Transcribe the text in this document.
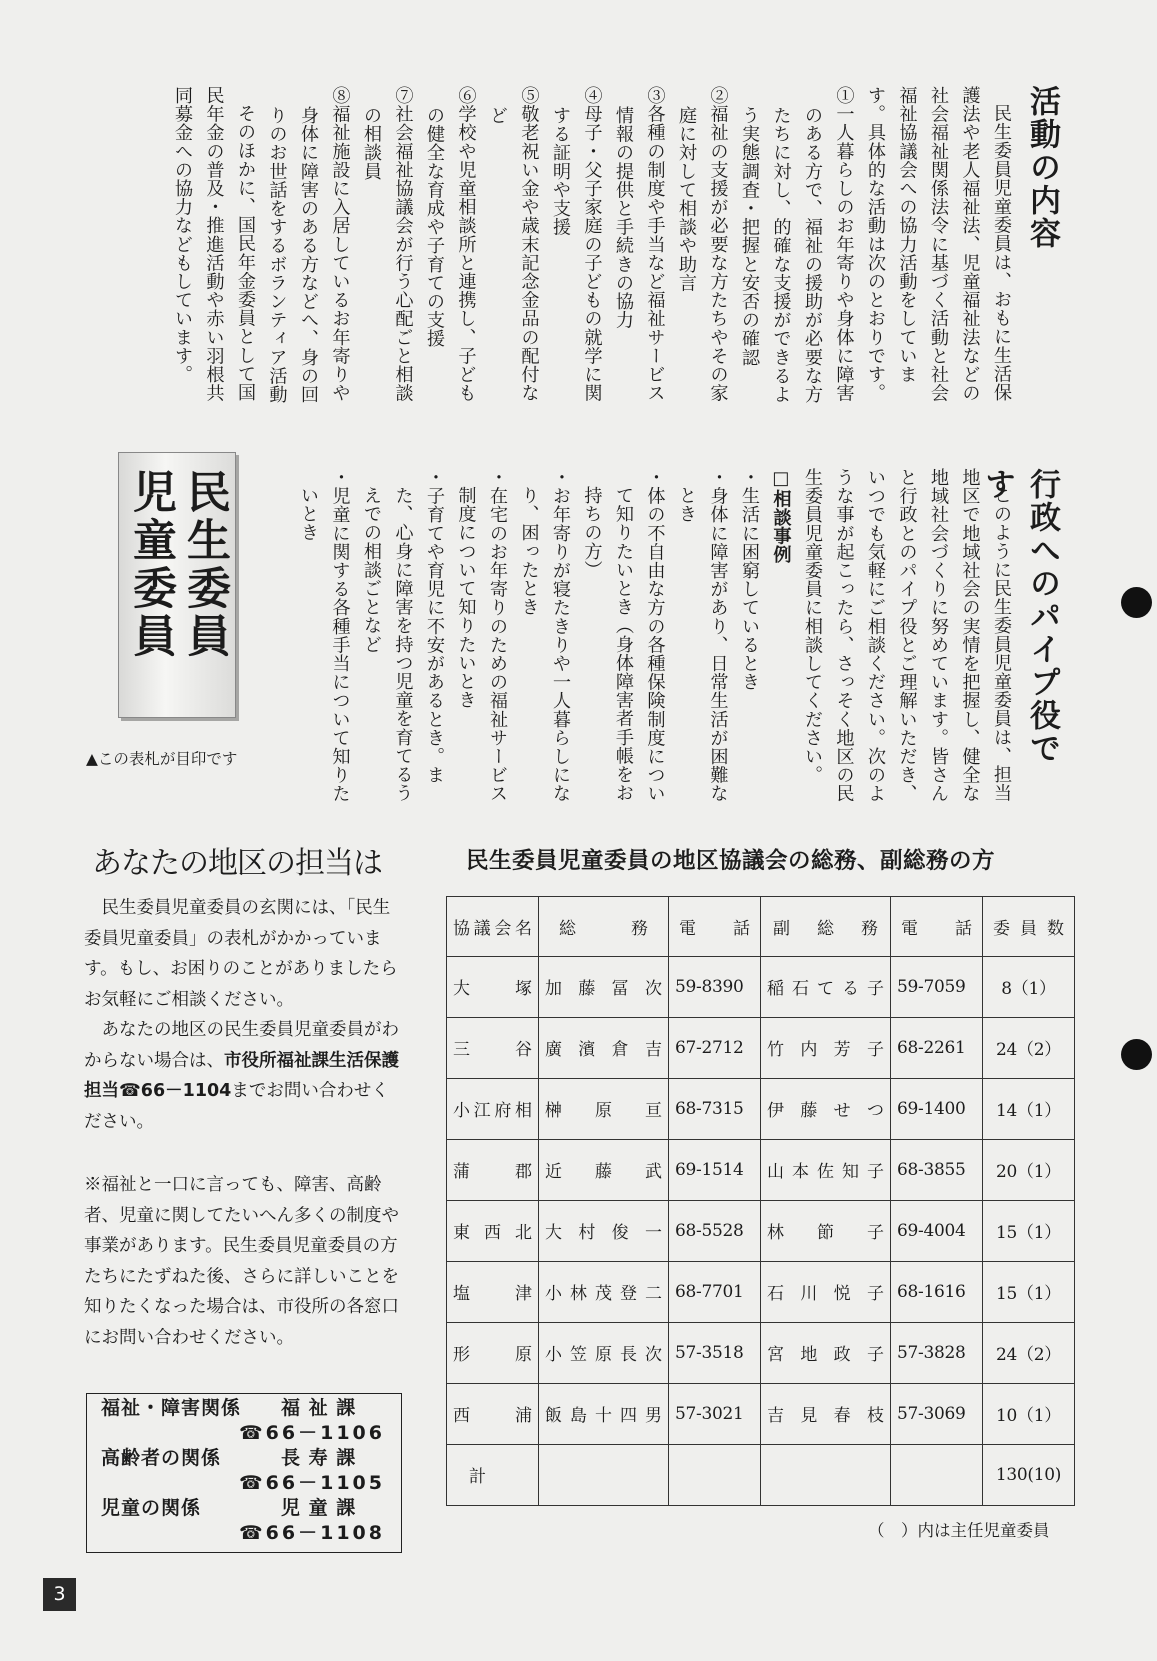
活動の内容

民生委員児童委員は、おもに生活保護法や老人福祉法、児童福祉法などの社会福祉関係法令に基づく活動と社会福祉協議会への協力活動をしています。具体的な活動は次のとおりです。

①一人暮らしのお年寄りや身体に障害のある方で、福祉の援助が必要な方たちに対し、的確な支援ができるよう実態調査・把握と安否の確認

②福祉の支援が必要な方たちやその家庭に対して相談や助言

③各種の制度や手当など福祉サービス情報の提供と手続きの協力

④母子・父子家庭の子どもの就学に関する証明や支援

⑤敬老祝い金や歳末記念金品の配付など

⑥学校や児童相談所と連携し、子どもの健全な育成や子育ての支援

⑦社会福祉協議会が行う心配ごと相談の相談員

⑧福祉施設に入居しているお年寄りや身体に障害のある方などへ、身の回りのお世話をするボランティア活動

そのほかに、国民年金委員として国民年金の普及・推進活動や赤い羽根共同募金への協力などもしています。

行政へのパイプ役です

このように民生委員児童委員は、担当地区で地域社会の実情を把握し、健全な地域社会づくりに努めています。皆さんと行政とのパイプ役とご理解いただき、いつでも気軽にご相談ください。次のような事が起こったら、さっそく地区の民生委員児童委員に相談してください。

□相談事例

・生活に困窮しているとき

・身体に障害があり、日常生活が困難なとき

・体の不自由な方の各種保険制度について知りたいとき（身体障害者手帳をお持ちの方）

・お年寄りが寝たきりや一人暮らしになり、困ったとき

・在宅のお年寄りのための福祉サービス制度について知りたいとき

・子育てや育児に不安があるとき。また、心身に障害を持つ児童を育てるうえでの相談ごとなど

・児童に関する各種手当について知りたいとき

民生委員
児童委員
▲この表札が目印です
あなたの地区の担当は

民生委員児童委員の玄関には、「民生委員児童委員」の表札がかかっています。もし、お困りのことがありましたらお気軽にご相談ください。

あなたの地区の民生委員児童委員がわからない場合は、市役所福祉課生活保護担当☎66－1104までお問い合わせください。

※福祉と一口に言っても、障害、高齢者、児童に関してたいへん多くの制度や事業があります。民生委員児童委員の方たちにたずねた後、さらに詳しいことを知りたくなった場合は、市役所の各窓口にお問い合わせください。
福祉・障害関係 福 祉 課
☎66－1106
高齢者の関係	長 寿 課
☎66－1105
児童の関係	児 童 課
☎66－1108
民生委員児童委員の地区協議会の総務、副総務の方
協議会名	総務	電話	副総務	電話	委員数
大塚	加藤冨次	59-8390	稲石てる子	59-7059	8（1）
三谷	廣濱倉吉	67-2712	竹内芳子	68-2261	24（2）
小江府相	榊原亘	68-7315	伊藤せつ	69-1400	14（1）
蒲郡	近藤武	69-1514	山本佐知子	68-3855	20（1）
東西北	大村俊一	68-5528	林節子	69-4004	15（1）
塩津	小林茂登二	68-7701	石川悦子	68-1616	15（1）
形原	小笠原長次	57-3518	宮地政子	57-3828	24（2）
西浦	飯島十四男	57-3021	吉見春枝	57-3069	10（1）
計					130(10)
（　）内は主任児童委員
3
